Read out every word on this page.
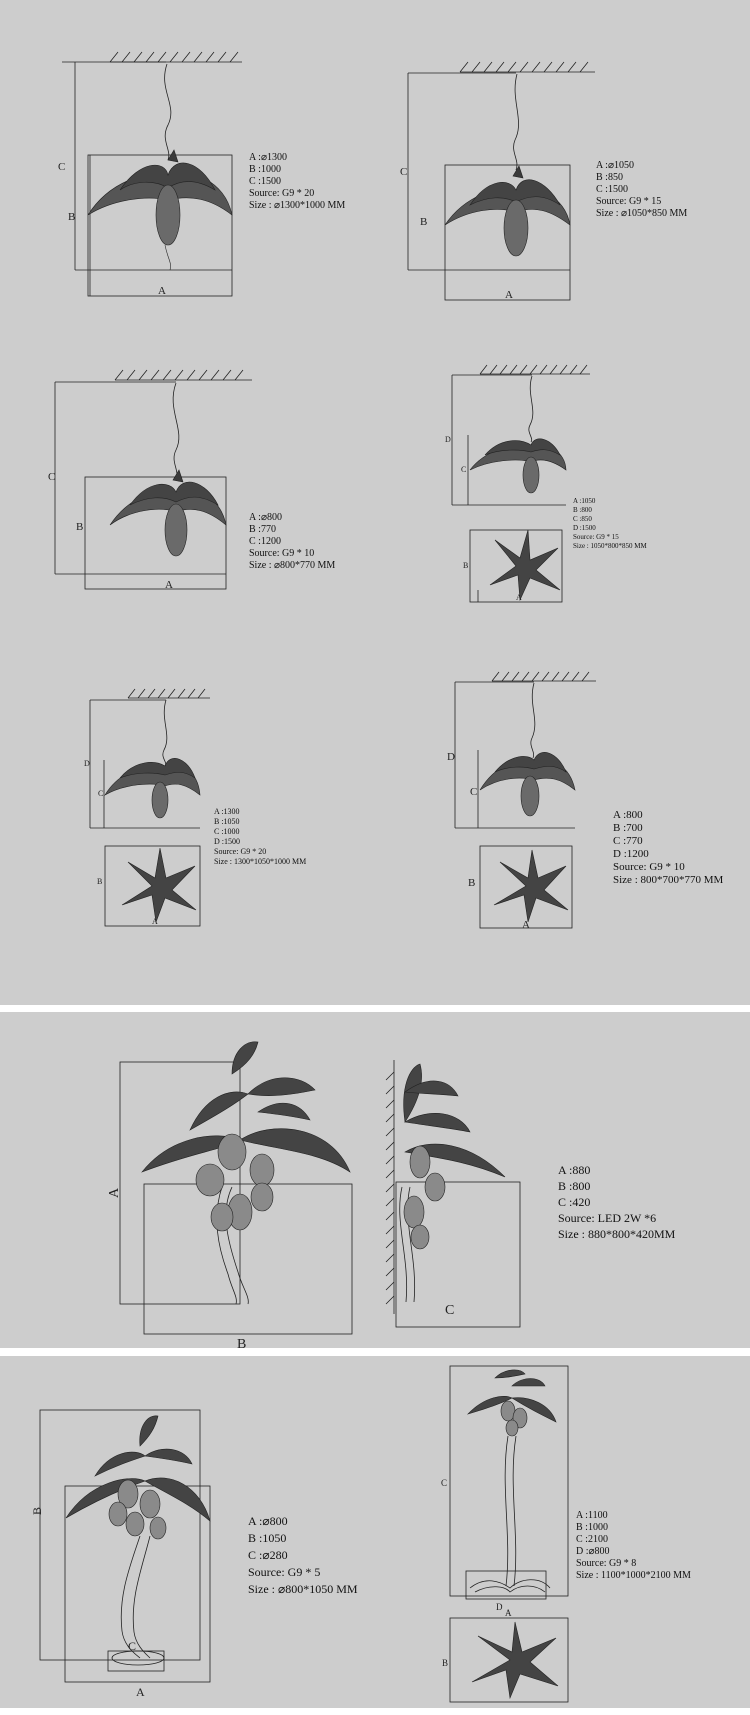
A
B
C
A
B
C
A
B
C
A
B
C
D
A
B
C
D
A
B
C
D
A :⌀1300
B :1000
C :1500
Source: G9 * 20
Size : ⌀1300*1000 MM
A :⌀1050
B :850
C :1500
Source: G9 * 15
Size : ⌀1050*850 MM
A :⌀800
B :770
C :1200
Source: G9 * 10
Size : ⌀800*770 MM
A :1050
B :800
C :850
D :1500
Source: G9 * 15
Size : 1050*800*850 MM
A :1300
B :1050
C :1000
D :1500
Source: G9 * 20
Size : 1300*1050*1000 MM
A :800
B :700
C :770
D :1200
Source: G9 * 10
Size : 800*700*770 MM
A
B
C
A :880
B :800
C :420
Source: LED 2W *6
Size : 880*800*420MM
B
A
C
C
D
A
B
A :⌀800
B :1050
C :⌀280
Source: G9 * 5
Size : ⌀800*1050 MM
A :1100
B :1000
C :2100
D :⌀800
Source: G9 * 8
Size : 1100*1000*2100 MM
